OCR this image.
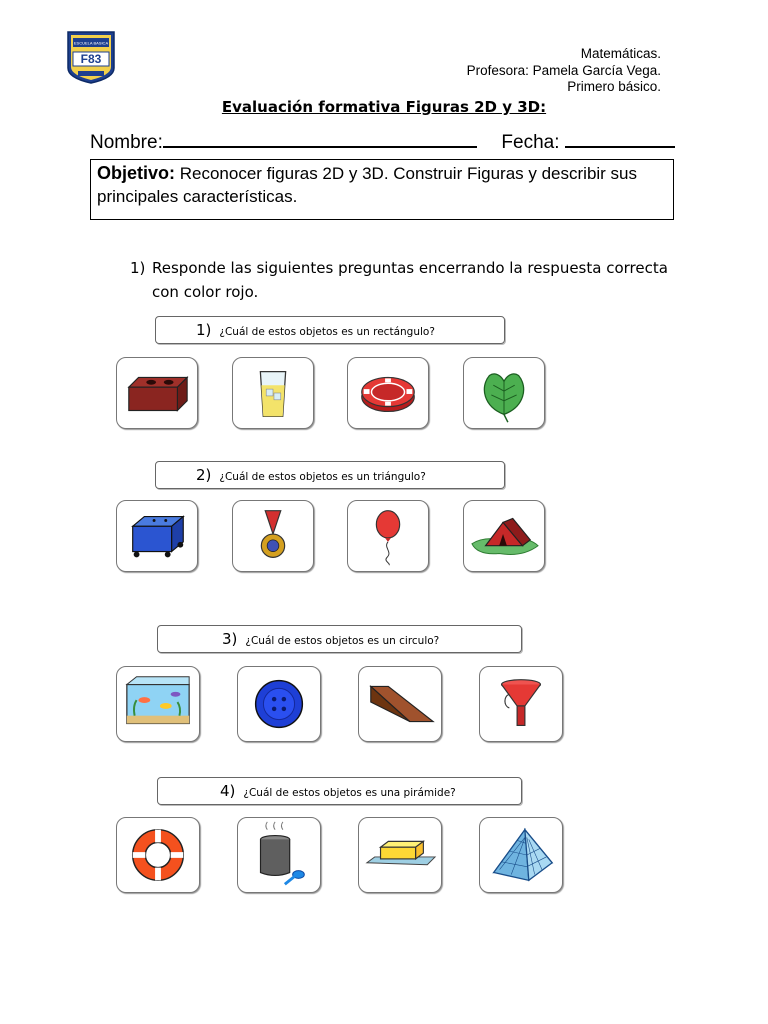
ESCUELA BASICA
F83	Matemáticas.
Profesora: Pamela García Vega.
Primero básico.
Evaluación formativa Figuras 2D y 3D:
Nombre:	Fecha:
Objetivo: Reconocer figuras 2D y 3D. Construir Figuras y describir sus principales características.
1) Responde las siguientes preguntas encerrando la respuesta correcta
con color rojo.
1) ¿Cuál de estos objetos es un rectángulo?
2) ¿Cuál de estos objetos es un triángulo?
3) ¿Cuál de estos objetos es un circulo?
4) ¿Cuál de estos objetos es una pirámide?
